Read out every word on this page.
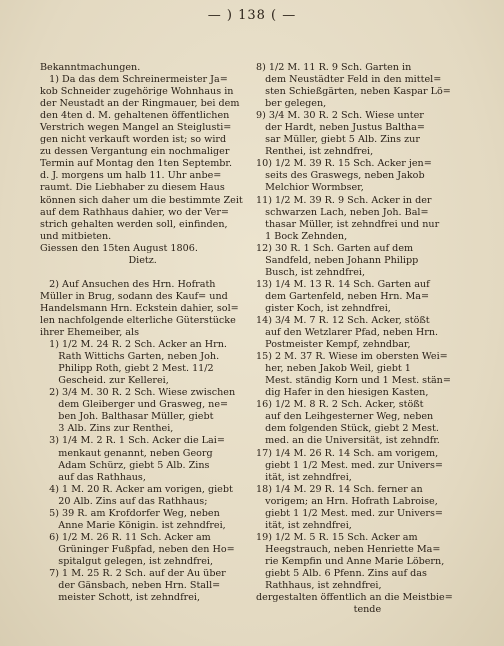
— ) 138 ( —
Bekanntmachungen.
1) Da das dem Schreinermeister Ja=
kob Schneider zugehörige Wohnhaus in
der Neustadt an der Ringmauer, bei dem
den 4ten d. M. gehaltenen öffentlichen
Verstrich wegen Mangel an Steiglusti=
gen nicht verkauft worden ist; so wird
zu dessen Vergantung ein nochmaliger
Termin auf Montag den 1ten Septembr.
d. J. morgens um halb 11. Uhr anbe=
raumt. Die Liebhaber zu diesem Haus
können sich daher um die bestimmte Zeit
auf dem Rathhaus dahier, wo der Ver=
strich gehalten werden soll, einfinden,
und mitbieten.
Giessen den 15ten August 1806.
Dietz.
2) Auf Ansuchen des Hrn. Hofrath
Müller in Brug, sodann des Kauf= und
Handelsmann Hrn. Eckstein dahier, sol=
len nachfolgende elterliche Güterstücke
ihrer Ehemeiber, als
1) 1/2 M. 24 R. 2 Sch. Acker an Hrn.
Rath Wittichs Garten, neben Joh.
Philipp Roth, giebt 2 Mest. 11/2
Gescheid. zur Kellerei,
2) 3/4 M. 30 R. 2 Sch. Wiese zwischen
dem Gleiberger und Grasweg, ne=
ben Joh. Balthasar Müller, giebt
3 Alb. Zins zur Renthei,
3) 1/4 M. 2 R. 1 Sch. Acker die Lai=
menkaut genannt, neben Georg
Adam Schürz, giebt 5 Alb. Zins
auf das Rathhaus,
4) 1 M. 20 R. Acker am vorigen, giebt
20 Alb. Zins auf das Rathhaus;
5) 39 R. am Krofdorfer Weg, neben
Anne Marie Königin. ist zehndfrei,
6) 1/2 M. 26 R. 11 Sch. Acker am
Grüninger Fußpfad, neben den Ho=
spitalgut gelegen, ist zehndfrei,
7) 1 M. 25 R. 2 Sch. auf der Au über
der Gänsbach, neben Hrn. Stall=
meister Schott, ist zehndfrei,
8) 1/2 M. 11 R. 9 Sch. Garten in
dem Neustädter Feld in den mittel=
sten Schießgärten, neben Kaspar Lö=
ber gelegen,
9) 3/4 M. 30 R. 2 Sch. Wiese unter
der Hardt, neben Justus Baltha=
sar Müller, giebt 5 Alb. Zins zur
Renthei, ist zehndfrei,
10) 1/2 M. 39 R. 15 Sch. Acker jen=
seits des Graswegs, neben Jakob
Melchior Wormbser,
11) 1/2 M. 39 R. 9 Sch. Acker in der
schwarzen Lach, neben Joh. Bal=
thasar Müller, ist zehndfrei und nur
1 Bock Zehnden,
12) 30 R. 1 Sch. Garten auf dem
Sandfeld, neben Johann Philipp
Busch, ist zehndfrei,
13) 1/4 M. 13 R. 14 Sch. Garten auf
dem Gartenfeld, neben Hrn. Ma=
gister Koch, ist zehndfrei,
14) 3/4 M. 7 R. 12 Sch. Acker, stößt
auf den Wetzlarer Pfad, neben Hrn.
Postmeister Kempf, zehndbar,
15) 2 M. 37 R. Wiese im obersten Wei=
her, neben Jakob Weil, giebt 1
Mest. ständig Korn und 1 Mest. stän=
dig Hafer in den hiesigen Kasten,
16) 1/2 M. 8 R. 2 Sch. Acker, stößt
auf den Leihgesterner Weg, neben
dem folgenden Stück, giebt 2 Mest.
med. an die Universität, ist zehndfr.
17) 1/4 M. 26 R. 14 Sch. am vorigem,
giebt 1 1/2 Mest. med. zur Univers=
ität, ist zehndfrei,
18) 1/4 M. 29 R. 14 Sch. ferner an
vorigem; an Hrn. Hofrath Labroise,
giebt 1 1/2 Mest. med. zur Univers=
ität, ist zehndfrei,
19) 1/2 M. 5 R. 15 Sch. Acker am
Heegstrauch, neben Henriette Ma=
rie Kempfin und Anne Marie Löbern,
giebt 5 Alb. 6 Pfenn. Zins auf das
Rathhaus, ist zehndfrei,
dergestalten öffentlich an die Meistbie=
tende
